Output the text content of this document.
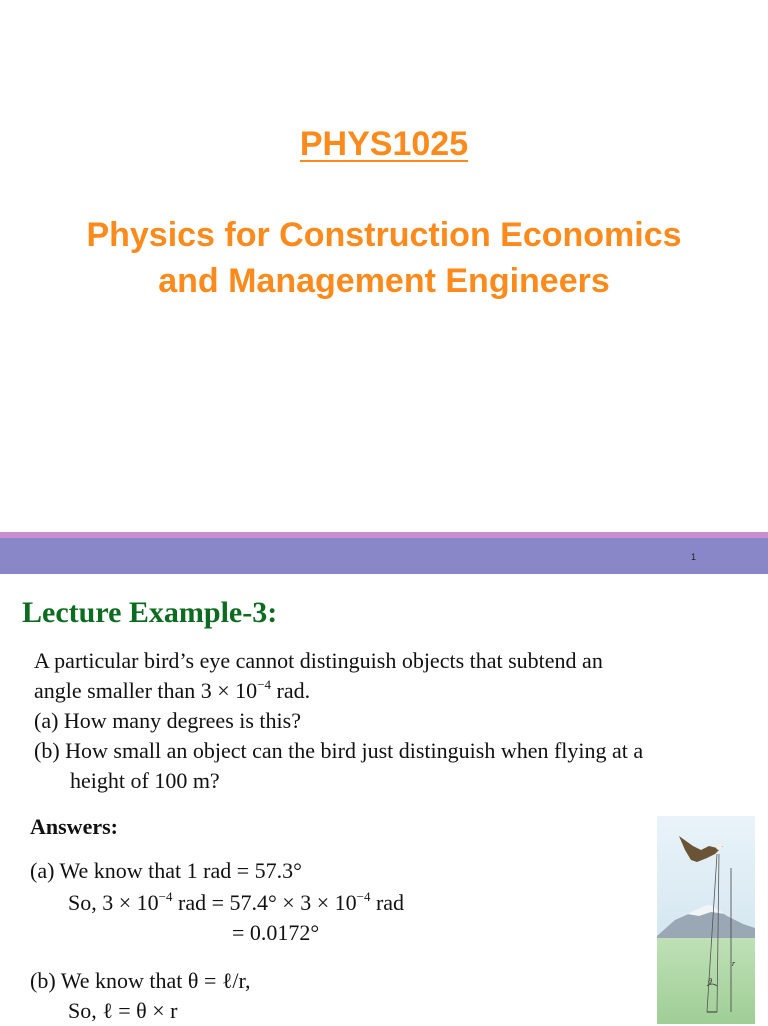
PHYS1025
Physics for Construction Economics
and Management Engineers
1
Lecture Example-3:
A particular bird’s eye cannot distinguish objects that subtend an
angle smaller than $3 \times 10^{-4}$ rad.
(a) How many degrees is this?
(b) How small an object can the bird just distinguish when flying at a
height of 100 m?
Answers:
(a) We know that 1 rad = 57.3°
So, $3 \times 10^{-4}$ rad = $57.4^\circ \times 3 \times 10^{-4}$ rad
= 0.0172°
(b) We know that θ = ℓ/r,
So, ℓ = θ × r
θ
r
